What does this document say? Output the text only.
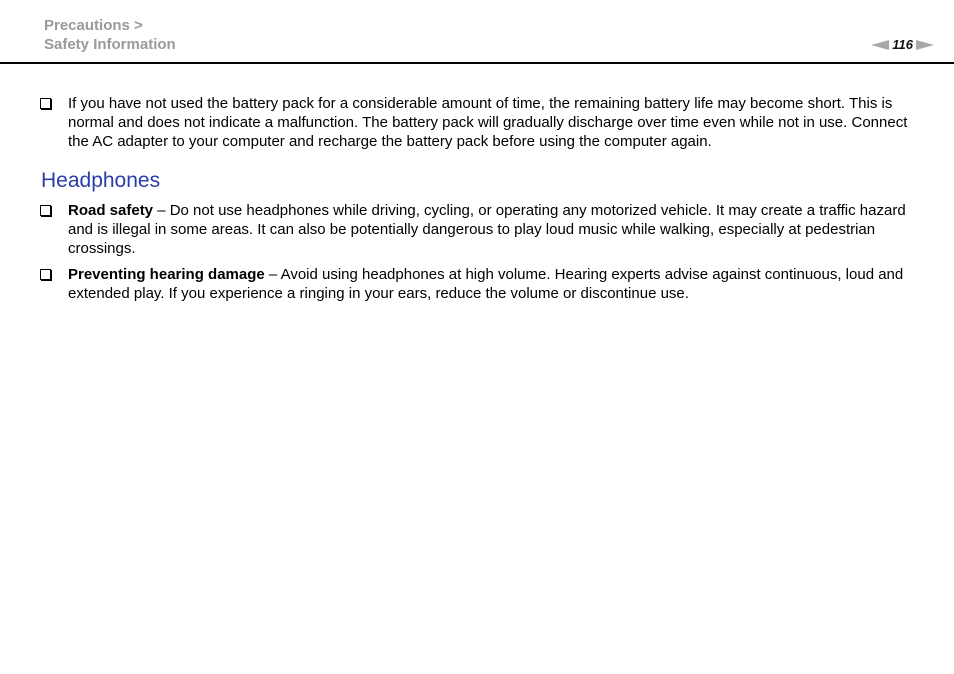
Precautions >
Safety Information	116
If you have not used the battery pack for a considerable amount of time, the remaining battery life may become short. This is normal and does not indicate a malfunction. The battery pack will gradually discharge over time even while not in use. Connect the AC adapter to your computer and recharge the battery pack before using the computer again.
Headphones
Road safety – Do not use headphones while driving, cycling, or operating any motorized vehicle. It may create a traffic hazard and is illegal in some areas. It can also be potentially dangerous to play loud music while walking, especially at pedestrian crossings.
Preventing hearing damage – Avoid using headphones at high volume. Hearing experts advise against continuous, loud and extended play. If you experience a ringing in your ears, reduce the volume or discontinue use.
